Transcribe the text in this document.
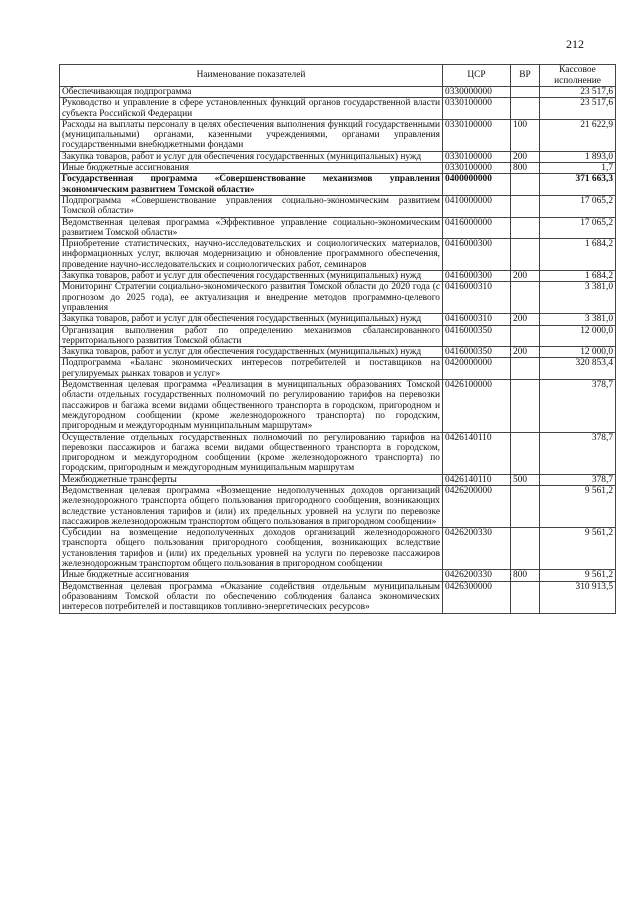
212
Наименование показателей	ЦСР	ВР	Кассовое исполнение
Обеспечивающая подпрограмма	0330000000		23 517,6
Руководство и управление в сфере установленных функций органов государственной власти субъекта Российской Федерации	0330100000		23 517,6
Расходы на выплаты персоналу в целях обеспечения выполнения функций государственными (муниципальными) органами, казенными учреждениями, органами управления государственными внебюджетными фондами	0330100000	100	21 622,9
Закупка товаров, работ и услуг для обеспечения государственных (муниципальных) нужд	0330100000	200	1 893,0
Иные бюджетные ассигнования	0330100000	800	1,7
Государственная программа «Совершенствование механизмов управления экономическим развитием Томской области»	0400000000		371 663,3
Подпрограмма «Совершенствование управления социально-экономическим развитием Томской области»	0410000000		17 065,2
Ведомственная целевая программа «Эффективное управление социально-экономическим развитием Томской области»	0416000000		17 065,2
Приобретение статистических, научно-исследовательских и социологических материалов, информационных услуг, включая модернизацию и обновление программного обеспечения, проведение научно-исследовательских и социологических работ, семинаров	0416000300		1 684,2
Закупка товаров, работ и услуг для обеспечения государственных (муниципальных) нужд	0416000300	200	1 684,2
Мониторинг Стратегии социально-экономического развития Томской области до 2020 года (с прогнозом до 2025 года), ее актуализация и внедрение методов программно-целевого управления	0416000310		3 381,0
Закупка товаров, работ и услуг для обеспечения государственных (муниципальных) нужд	0416000310	200	3 381,0
Организация выполнения работ по определению механизмов сбалансированного территориального развития Томской области	0416000350		12 000,0
Закупка товаров, работ и услуг для обеспечения государственных (муниципальных) нужд	0416000350	200	12 000,0
Подпрограмма «Баланс экономических интересов потребителей и поставщиков на регулируемых рынках товаров и услуг»	0420000000		320 853,4
Ведомственная целевая программа «Реализация в муниципальных образованиях Томской области отдельных государственных полномочий по регулированию тарифов на перевозки пассажиров и багажа всеми видами общественного транспорта в городском, пригородном и междугородном сообщении (кроме железнодорожного транспорта) по городским, пригородным и междугородным муниципальным маршрутам»	0426100000		378,7
Осуществление отдельных государственных полномочий по регулированию тарифов на перевозки пассажиров и багажа всеми видами общественного транспорта в городском, пригородном и междугородном сообщении (кроме железнодорожного транспорта) по городским, пригородным и междугородным муниципальным маршрутам	0426140110		378,7
Межбюджетные трансферты	0426140110	500	378,7
Ведомственная целевая программа «Возмещение недополученных доходов организаций железнодорожного транспорта общего пользования пригородного сообщения, возникающих вследствие установления тарифов и (или) их предельных уровней на услуги по перевозке пассажиров железнодорожным транспортом общего пользования в пригородном сообщении»	0426200000		9 561,2
Субсидии на возмещение недополученных доходов организаций железнодорожного транспорта общего пользования пригородного сообщения, возникающих вследствие установления тарифов и (или) их предельных уровней на услуги по перевозке пассажиров железнодорожным транспортом общего пользования в пригородном сообщении	0426200330		9 561,2
Иные бюджетные ассигнования	0426200330	800	9 561,2
Ведомственная целевая программа «Оказание содействия отдельным муниципальным образованиям Томской области по обеспечению соблюдения баланса экономических интересов потребителей и поставщиков топливно-энергетических ресурсов»	0426300000		310 913,5
